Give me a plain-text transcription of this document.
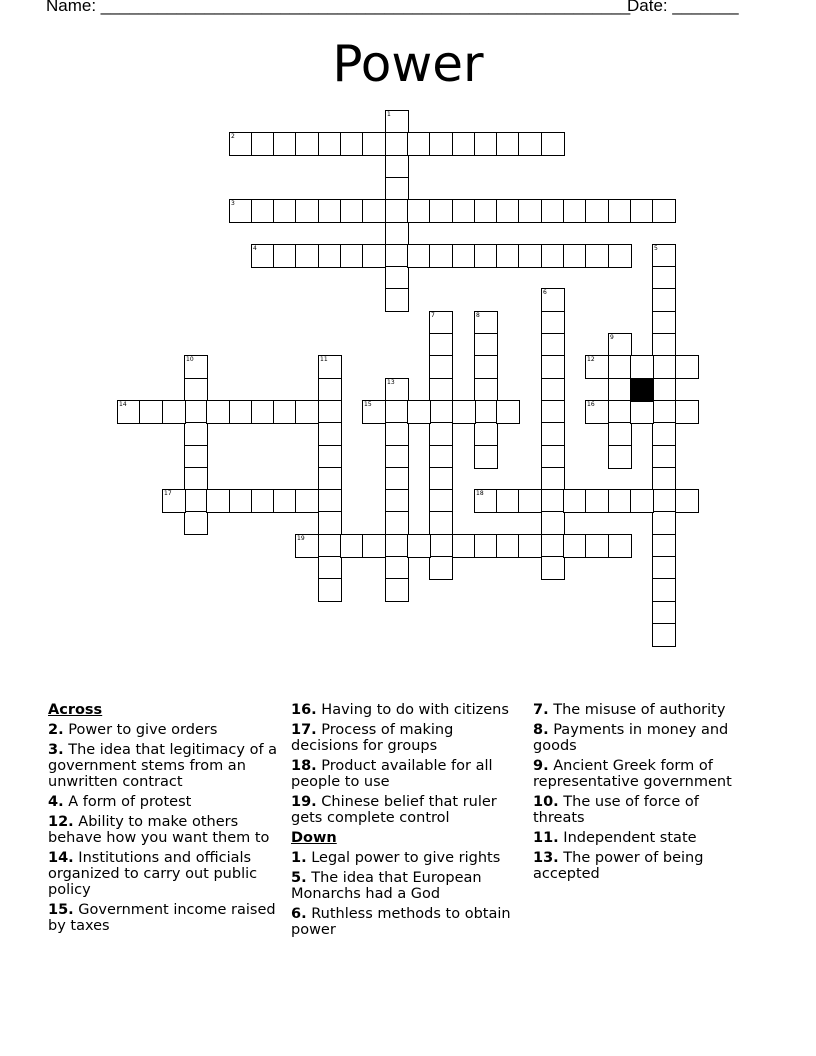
Name: ________________________________________________________

Date: _______

Power
1
2
3
4	5
6
7	8
9
10	11	12
13
14	15	16
17	18
19
Across
2. Power to give orders
3. The idea that legitimacy of a government stems from an unwritten contract
4. A form of protest
12. Ability to make others behave how you want them to
14. Institutions and officials organized to carry out public policy
15. Government income raised by taxes
16. Having to do with citizens
17. Process of making decisions for groups
18. Product available for all people to use
19. Chinese belief that ruler gets complete control
Down
1. Legal power to give rights
5. The idea that European Monarchs had a God
6. Ruthless methods to obtain power
7. The misuse of authority
8. Payments in money and goods
9. Ancient Greek form of representative government
10. The use of force of threats
11. Independent state
13. The power of being accepted
